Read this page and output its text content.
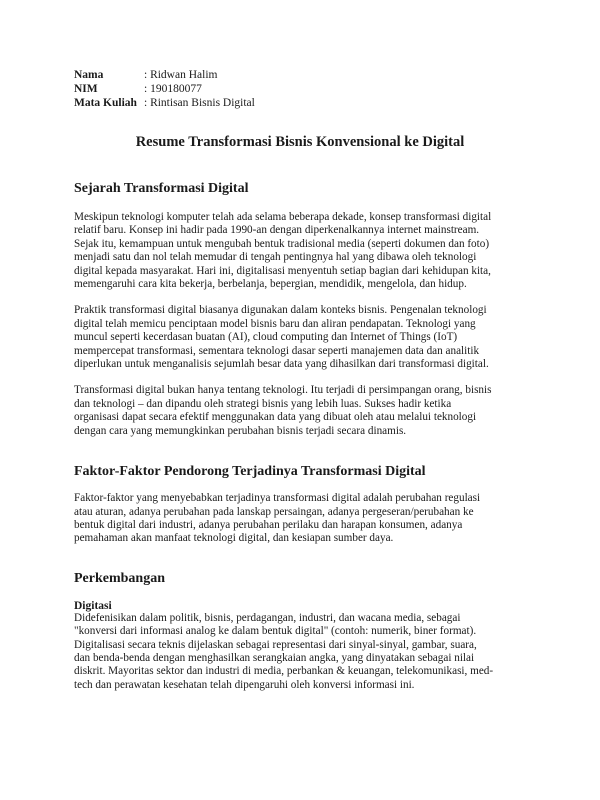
Nama	: Ridwan Halim
NIM	: 190180077
Mata Kuliah : Rintisan Bisnis Digital
Resume Transformasi Bisnis Konvensional ke Digital
Sejarah Transformasi Digital
Meskipun teknologi komputer telah ada selama beberapa dekade, konsep transformasi digital
relatif baru. Konsep ini hadir pada 1990-an dengan diperkenalkannya internet mainstream.
Sejak itu, kemampuan untuk mengubah bentuk tradisional media (seperti dokumen dan foto)
menjadi satu dan nol telah memudar di tengah pentingnya hal yang dibawa oleh teknologi
digital kepada masyarakat. Hari ini, digitalisasi menyentuh setiap bagian dari kehidupan kita,
memengaruhi cara kita bekerja, berbelanja, bepergian, mendidik, mengelola, dan hidup.
Praktik transformasi digital biasanya digunakan dalam konteks bisnis. Pengenalan teknologi
digital telah memicu penciptaan model bisnis baru dan aliran pendapatan. Teknologi yang
muncul seperti kecerdasan buatan (AI), cloud computing dan Internet of Things (IoT)
mempercepat transformasi, sementara teknologi dasar seperti manajemen data dan analitik
diperlukan untuk menganalisis sejumlah besar data yang dihasilkan dari transformasi digital.
Transformasi digital bukan hanya tentang teknologi. Itu terjadi di persimpangan orang, bisnis
dan teknologi – dan dipandu oleh strategi bisnis yang lebih luas. Sukses hadir ketika
organisasi dapat secara efektif menggunakan data yang dibuat oleh atau melalui teknologi
dengan cara yang memungkinkan perubahan bisnis terjadi secara dinamis.
Faktor-Faktor Pendorong Terjadinya Transformasi Digital
Faktor-faktor yang menyebabkan terjadinya transformasi digital adalah perubahan regulasi
atau aturan, adanya perubahan pada lanskap persaingan, adanya pergeseran/perubahan ke
bentuk digital dari industri, adanya perubahan perilaku dan harapan konsumen, adanya
pemahaman akan manfaat teknologi digital, dan kesiapan sumber daya.
Perkembangan
Digitasi
Didefenisikan dalam politik, bisnis, perdagangan, industri, dan wacana media, sebagai
"konversi dari informasi analog ke dalam bentuk digital" (contoh: numerik, biner format).
Digitalisasi secara teknis dijelaskan sebagai representasi dari sinyal-sinyal, gambar, suara,
dan benda-benda dengan menghasilkan serangkaian angka, yang dinyatakan sebagai nilai
diskrit. Mayoritas sektor dan industri di media, perbankan & keuangan, telekomunikasi, med-
tech dan perawatan kesehatan telah dipengaruhi oleh konversi informasi ini.
